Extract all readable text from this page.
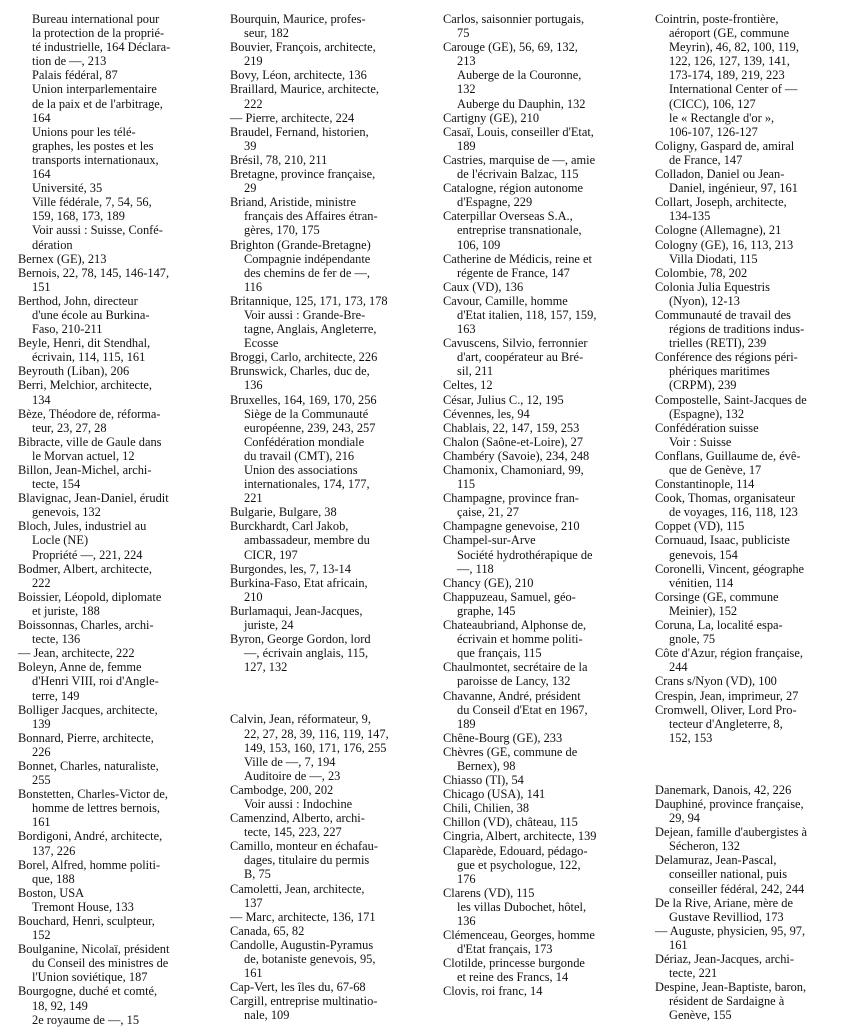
Bureau international pour
la protection de la proprié-
té industrielle, 164 Déclara-
tion de —, 213
Palais fédéral, 87
Union interparlementaire
de la paix et de l'arbitrage,
164
Unions pour les télé-
graphes, les postes et les
transports internationaux,
164
Université, 35
Ville fédérale, 7, 54, 56,
159, 168, 173, 189
Voir aussi : Suisse, Confé-
dération
Bernex (GE), 213
Bernois, 22, 78, 145, 146-147,
151
Berthod, John, directeur
d'une école au Burkina-
Faso, 210-211
Beyle, Henri, dit Stendhal,
écrivain, 114, 115, 161
Beyrouth (Liban), 206
Berri, Melchior, architecte,
134
Bèze, Théodore de, réforma-
teur, 23, 27, 28
Bibracte, ville de Gaule dans
le Morvan actuel, 12
Billon, Jean-Michel, archi-
tecte, 154
Blavignac, Jean-Daniel, érudit
genevois, 132
Bloch, Jules, industriel au
Locle (NE)
Propriété —, 221, 224
Bodmer, Albert, architecte,
222
Boissier, Léopold, diplomate
et juriste, 188
Boissonnas, Charles, archi-
tecte, 136
— Jean, architecte, 222
Boleyn, Anne de, femme
d'Henri VIII, roi d'Angle-
terre, 149
Bolliger Jacques, architecte,
139
Bonnard, Pierre, architecte,
226
Bonnet, Charles, naturaliste,
255
Bonstetten, Charles-Victor de,
homme de lettres bernois,
161
Bordigoni, André, architecte,
137, 226
Borel, Alfred, homme politi-
que, 188
Boston, USA
Tremont House, 133
Bouchard, Henri, sculpteur,
152
Boulganine, Nicolaï, président
du Conseil des ministres de
l'Union soviétique, 187
Bourgogne, duché et comté,
18, 92, 149
2e royaume de —, 15
Bourquin, Maurice, profes-
seur, 182
Bouvier, François, architecte,
219
Bovy, Léon, architecte, 136
Braillard, Maurice, architecte,
222
— Pierre, architecte, 224
Braudel, Fernand, historien,
39
Brésil, 78, 210, 211
Bretagne, province française,
29
Briand, Aristide, ministre
français des Affaires étran-
gères, 170, 175
Brighton (Grande-Bretagne)
Compagnie indépendante
des chemins de fer de —,
116
Britannique, 125, 171, 173, 178
Voir aussi : Grande-Bre-
tagne, Anglais, Angleterre,
Ecosse
Broggi, Carlo, architecte, 226
Brunswick, Charles, duc de,
136
Bruxelles, 164, 169, 170, 256
Siège de la Communauté
européenne, 239, 243, 257
Confédération mondiale
du travail (CMT), 216
Union des associations
internationales, 174, 177,
221
Bulgarie, Bulgare, 38
Burckhardt, Carl Jakob,
ambassadeur, membre du
CICR, 197
Burgondes, les, 7, 13-14
Burkina-Faso, Etat africain,
210
Burlamaqui, Jean-Jacques,
juriste, 24
Byron, George Gordon, lord
—, écrivain anglais, 115,
127, 132
Calvin, Jean, réformateur, 9,
22, 27, 28, 39, 116, 119, 147,
149, 153, 160, 171, 176, 255
Ville de —, 7, 194
Auditoire de —, 23
Cambodge, 200, 202
Voir aussi : Indochine
Camenzind, Alberto, archi-
tecte, 145, 223, 227
Camillo, monteur en échafau-
dages, titulaire du permis
B, 75
Camoletti, Jean, architecte,
137
— Marc, architecte, 136, 171
Canada, 65, 82
Candolle, Augustin-Pyramus
de, botaniste genevois, 95,
161
Cap-Vert, les îles du, 67-68
Cargill, entreprise multinatio-
nale, 109
Carlos, saisonnier portugais,
75
Carouge (GE), 56, 69, 132,
213
Auberge de la Couronne,
132
Auberge du Dauphin, 132
Cartigny (GE), 210
Casaï, Louis, conseiller d'Etat,
189
Castries, marquise de —, amie
de l'écrivain Balzac, 115
Catalogne, région autonome
d'Espagne, 229
Caterpillar Overseas S.A.,
entreprise transnationale,
106, 109
Catherine de Médicis, reine et
régente de France, 147
Caux (VD), 136
Cavour, Camille, homme
d'Etat italien, 118, 157, 159,
163
Cavuscens, Silvio, ferronnier
d'art, coopérateur au Bré-
sil, 211
Celtes, 12
César, Julius C., 12, 195
Cévennes, les, 94
Chablais, 22, 147, 159, 253
Chalon (Saône-et-Loire), 27
Chambéry (Savoie), 234, 248
Chamonix, Chamoniard, 99,
115
Champagne, province fran-
çaise, 21, 27
Champagne genevoise, 210
Champel-sur-Arve
Société hydrothérapique de
—, 118
Chancy (GE), 210
Chappuzeau, Samuel, géo-
graphe, 145
Chateaubriand, Alphonse de,
écrivain et homme politi-
que français, 115
Chaulmontet, secrétaire de la
paroisse de Lancy, 132
Chavanne, André, président
du Conseil d'Etat en 1967,
189
Chêne-Bourg (GE), 233
Chèvres (GE, commune de
Bernex), 98
Chiasso (TI), 54
Chicago (USA), 141
Chili, Chilien, 38
Chillon (VD), château, 115
Cingria, Albert, architecte, 139
Claparède, Edouard, pédago-
gue et psychologue, 122,
176
Clarens (VD), 115
les villas Dubochet, hôtel,
136
Clémenceau, Georges, homme
d'Etat français, 173
Clotilde, princesse burgonde
et reine des Francs, 14
Clovis, roi franc, 14
Cointrin, poste-frontière,
aéroport (GE, commune
Meyrin), 46, 82, 100, 119,
122, 126, 127, 139, 141,
173-174, 189, 219, 223
International Center of —
(CICC), 106, 127
le « Rectangle d'or »,
106-107, 126-127
Coligny, Gaspard de, amiral
de France, 147
Colladon, Daniel ou Jean-
Daniel, ingénieur, 97, 161
Collart, Joseph, architecte,
134-135
Cologne (Allemagne), 21
Cologny (GE), 16, 113, 213
Villa Diodati, 115
Colombie, 78, 202
Colonia Julia Equestris
(Nyon), 12-13
Communauté de travail des
régions de traditions indus-
trielles (RETI), 239
Conférence des régions péri-
phériques maritimes
(CRPM), 239
Compostelle, Saint-Jacques de
(Espagne), 132
Confédération suisse
Voir : Suisse
Conflans, Guillaume de, évê-
que de Genève, 17
Constantinople, 114
Cook, Thomas, organisateur
de voyages, 116, 118, 123
Coppet (VD), 115
Cornuaud, Isaac, publiciste
genevois, 154
Coronelli, Vincent, géographe
vénitien, 114
Corsinge (GE, commune
Meinier), 152
Coruna, La, localité espa-
gnole, 75
Côte d'Azur, région française,
244
Crans s/Nyon (VD), 100
Crespin, Jean, imprimeur, 27
Cromwell, Oliver, Lord Pro-
tecteur d'Angleterre, 8,
152, 153
Danemark, Danois, 42, 226
Dauphiné, province française,
29, 94
Dejean, famille d'aubergistes à
Sécheron, 132
Delamuraz, Jean-Pascal,
conseiller national, puis
conseiller fédéral, 242, 244
De la Rive, Ariane, mère de
Gustave Revilliod, 173
— Auguste, physicien, 95, 97,
161
Dériaz, Jean-Jacques, archi-
tecte, 221
Despine, Jean-Baptiste, baron,
résident de Sardaigne à
Genève, 155
